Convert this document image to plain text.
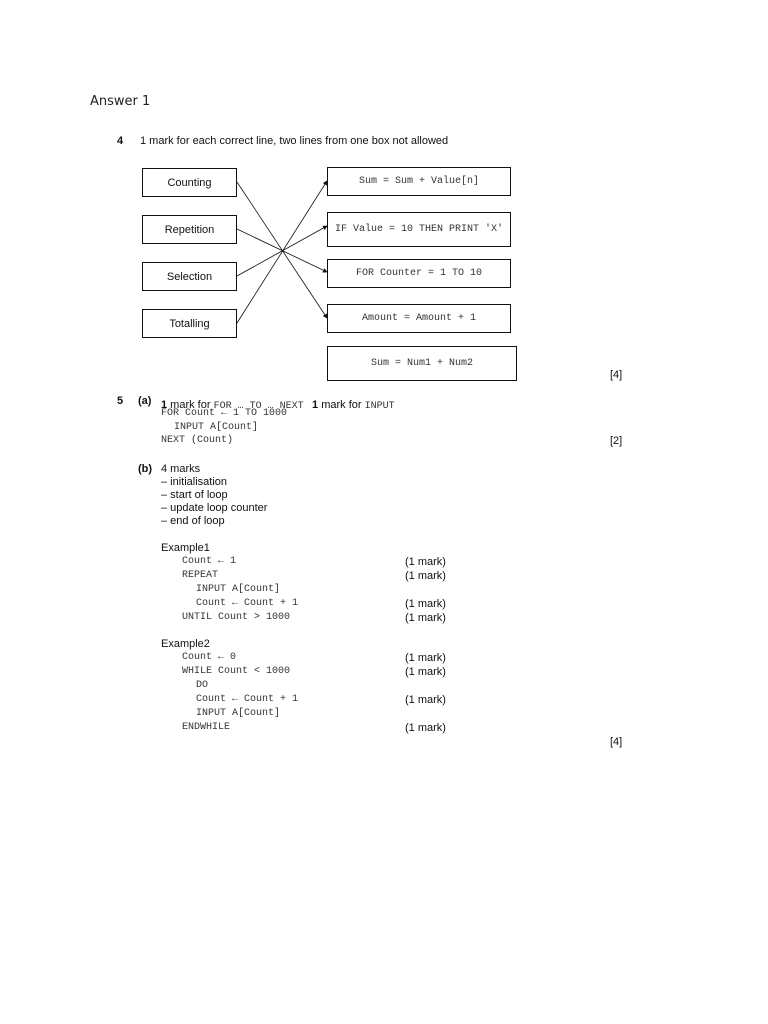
Answer 1
4 1 mark for each correct line, two lines from one box not allowed
Counting
Repetition
Selection
Totalling
Sum = Sum + Value[n]
IF Value = 10 THEN PRINT 'X'
FOR Counter = 1 TO 10
Amount = Amount + 1
Sum = Num1 + Num2
[4]
5 (a) 1 mark for FOR … TO … NEXT 1 mark for INPUT
FOR Count ← 1 TO 1000
INPUT A[Count]
NEXT (Count)	[2]
(b) 4 marks
– initialisation
– start of loop
– update loop counter
– end of loop
Example1
Count ← 1	(1 mark)
REPEAT	(1 mark)
INPUT A[Count]
Count ← Count + 1	(1 mark)
UNTIL Count > 1000	(1 mark)
Example2
Count ← 0	(1 mark)
WHILE Count < 1000	(1 mark)
DO
Count ← Count + 1	(1 mark)
INPUT A[Count]
ENDWHILE	(1 mark)
[4]
